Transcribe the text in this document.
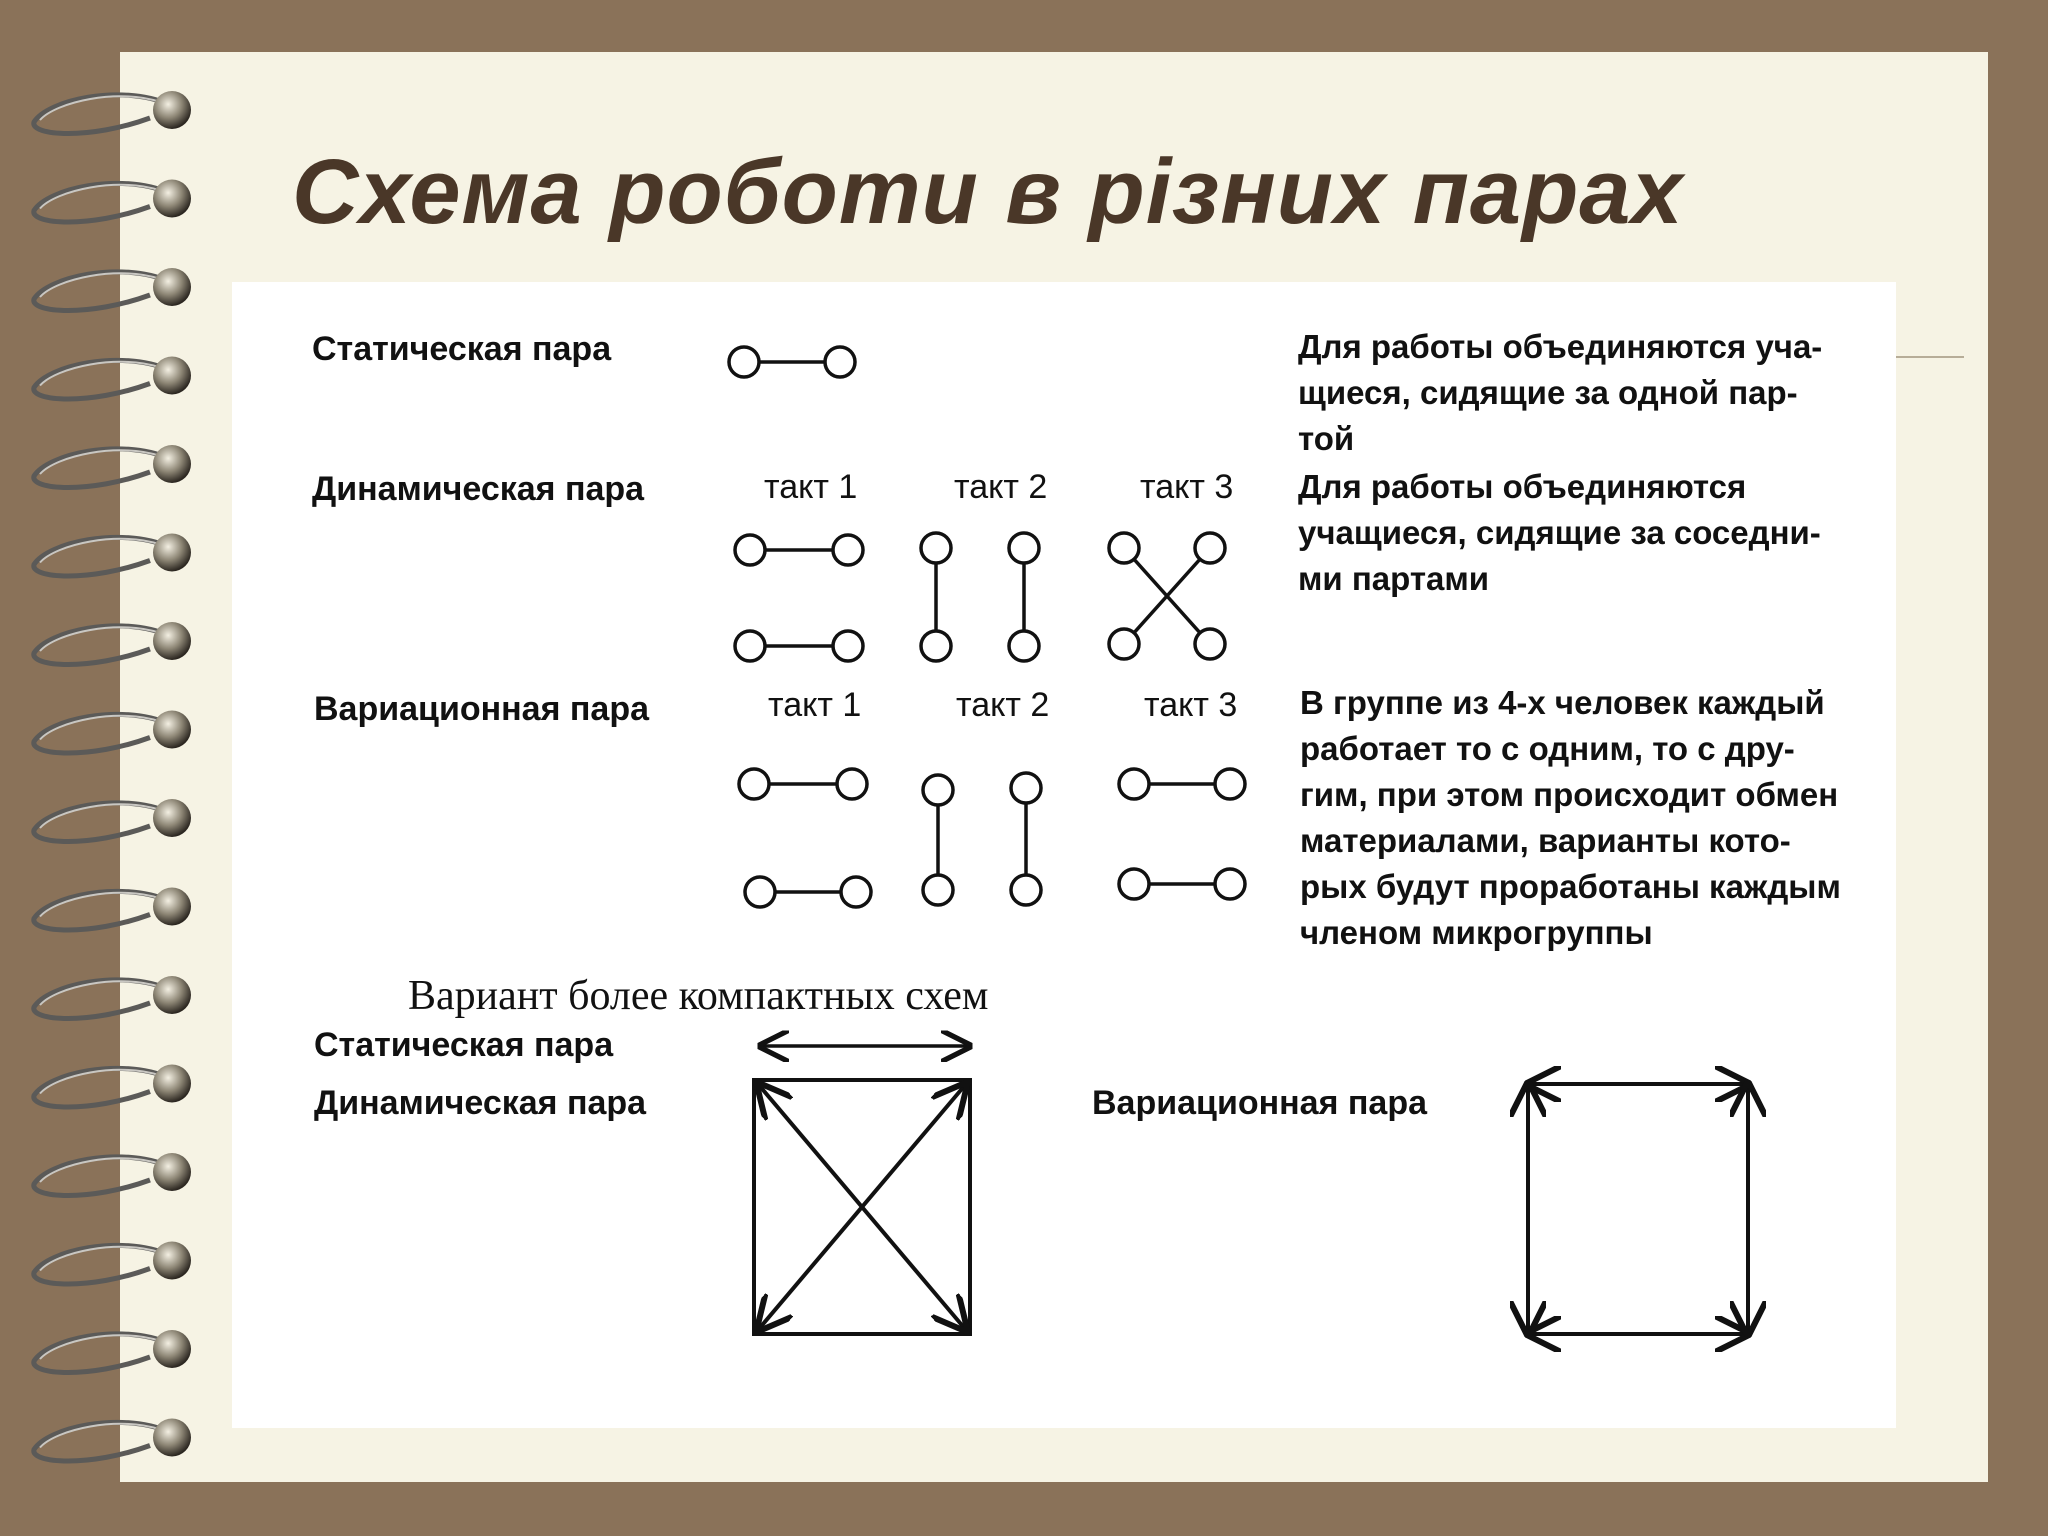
Схема роботи в різних парах
Статическая пара	Для работы объединяются уча-
щиеся, сидящие за одной пар-
той
Динамическая пара	такт 1	такт 2	такт 3 Для работы объединяются
учащиеся, сидящие за соседни-
ми партами
Вариационная пара	такт 1	такт 2	такт 3 В группе из 4-х человек каждый
работает то с одним, то с дру-
гим, при этом происходит обмен
материалами, варианты кото-
рых будут проработаны каждым
членом микрогруппы
Вариант более компактных схем
Статическая пара
Динамическая пара	Вариационная пара
